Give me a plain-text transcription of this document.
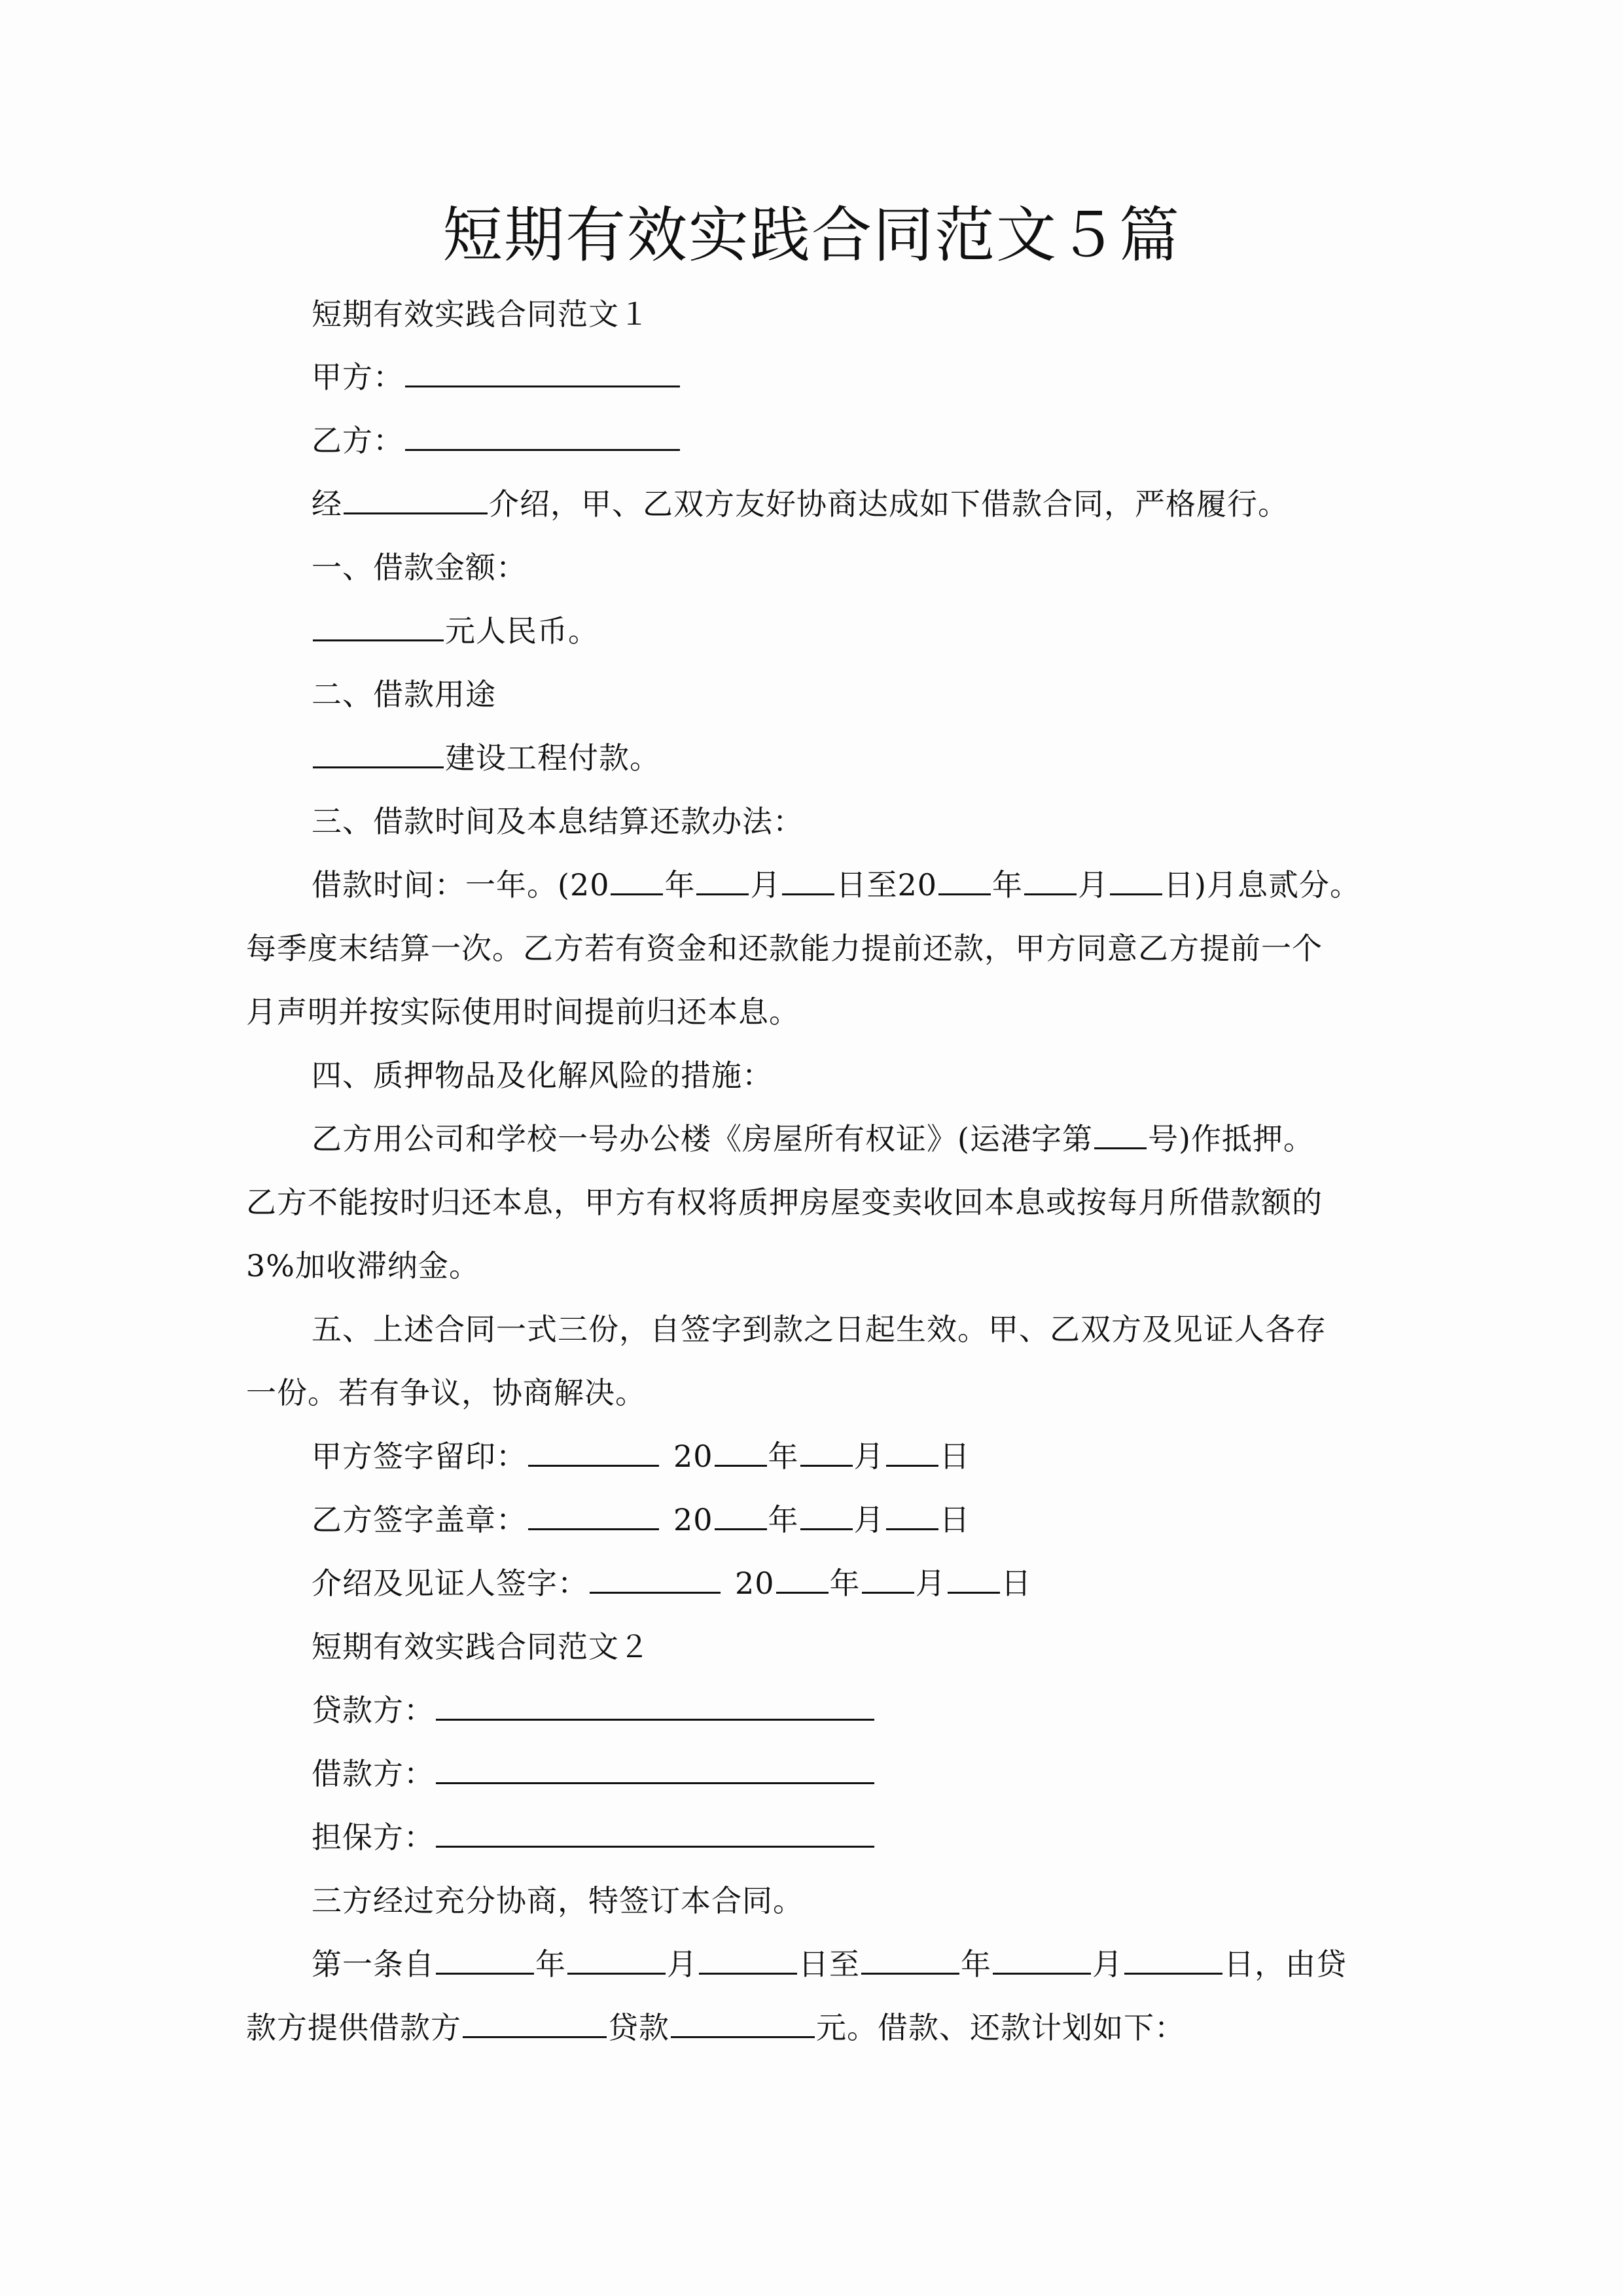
短期有效实践合同范文５篇
短期有效实践合同范文１
甲方：
乙方：
经	介绍，甲、乙双方友好协商达成如下借款合同，严格履行。
一、借款金额：
元人民币。
二、借款用途
建设工程付款。
三、借款时间及本息结算还款办法：
借款时间：一年。(20 年 月 日至20 年 月 日)月息贰分。
每季度末结算一次。乙方若有资金和还款能力提前还款，甲方同意乙方提前一个
月声明并按实际使用时间提前归还本息。
四、质押物品及化解风险的措施：
乙方用公司和学校一号办公楼《房屋所有权证》(运港字第 号)作抵押。
乙方不能按时归还本息，甲方有权将质押房屋变卖收回本息或按每月所借款额的
3%加收滞纳金。
五、上述合同一式三份，自签字到款之日起生效。甲、乙双方及见证人各存
一份。若有争议，协商解决。
甲方签字留印：	20 年 月 日
乙方签字盖章：	20 年 月 日
介绍及见证人签字：	20 年 月 日
短期有效实践合同范文２
贷款方：
借款方：
担保方：
三方经过充分协商，特签订本合同。
第一条自	年	月	日至	年	月	日，由贷
款方提供借款方	贷款	元。借款、还款计划如下：
